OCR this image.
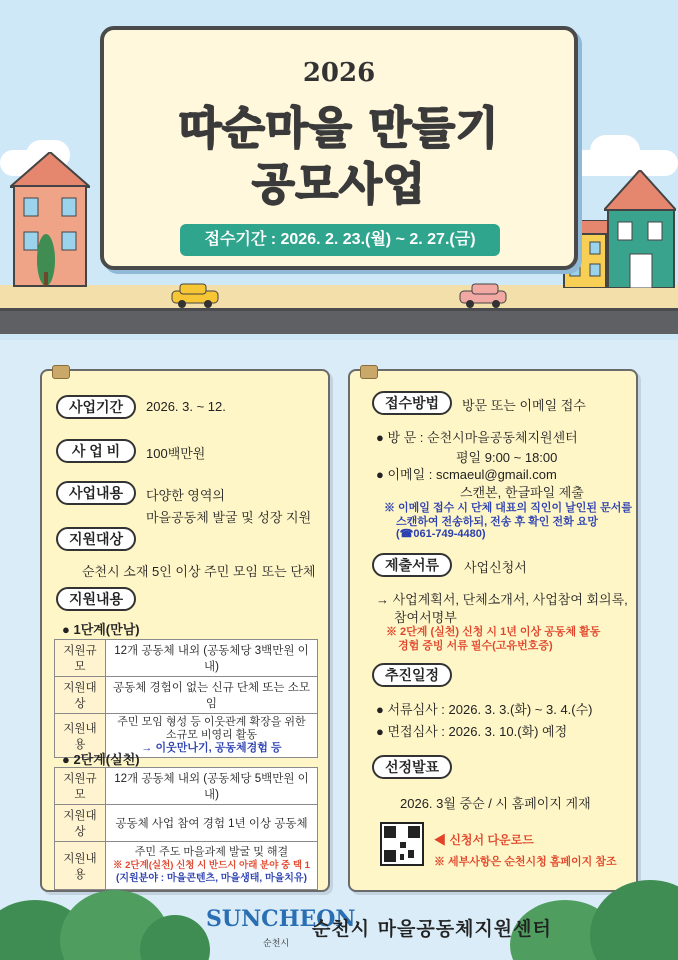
2026
따순마을 만들기
공모사업
접수기간 : 2026. 2. 23.(월) ~ 2. 27.(금)
사업기간	2026. 3. ~ 12.
사 업 비	100백만원
사업내용	다양한 영역의
마을공동체 발굴 및 성장 지원
지원대상
순천시 소재 5인 이상 주민 모임 또는 단체
지원내용
● 1단계(만남)
지원규모	12개 공동체 내외 (공동체당 3백만원 이내)
지원대상	공동체 경험이 없는 신규 단체 또는 소모임
지원내용	주민 모임 형성 등 이웃관계 확장을 위한
소규모 비영리 활동
→ 이웃만나기, 공동체경험 등
● 2단계(실천)
지원규모	12개 공동체 내외 (공동체당 5백만원 이내)
지원대상	공동체 사업 참여 경험 1년 이상 공동체
지원내용	주민 주도 마을과제 발굴 및 해결
※ 2단계(실천) 신청 시 반드시 아래 분야 중 택 1
(지원분야 : 마을콘텐츠, 마을생태, 마을치유)
접수방법	방문 또는 이메일 접수
● 방 문 : 순천시마을공동체지원센터
평일 9:00 ~ 18:00
● 이메일 : scmaeul@gmail.com
스캔본, 한글파일 제출
※ 이메일 접수 시 단체 대표의 직인이 날인된 문서를
스캔하여 전송하되, 전송 후 확인 전화 요망
(☎061-749-4480)
제출서류	사업신청서
→ 사업계획서, 단체소개서, 사업참여 회의록,
참여서명부
※ 2단계 (실천) 신청 시 1년 이상 공동체 활동
경험 증빙 서류 필수(고유번호증)
추진일정
● 서류심사 : 2026. 3. 3.(화) ~ 3. 4.(수)
● 면접심사 : 2026. 3. 10.(화) 예정
선정발표
2026. 3월 중순 / 시 홈페이지 게재
◀ 신청서 다운로드
※ 세부사항은 순천시청 홈페이지 참조
SUNCHEON
순천시
순천시 마을공동체지원센터
